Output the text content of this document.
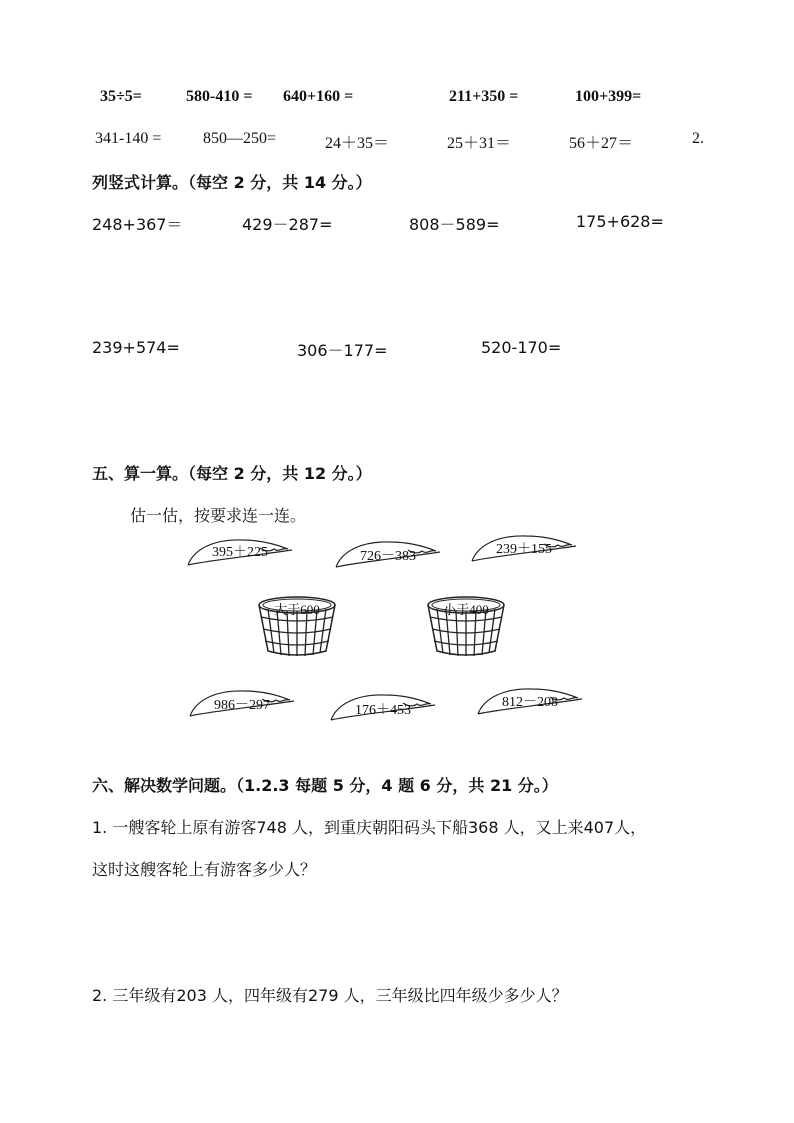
35÷5=	580-410 = 640+160 =	211+350 =	100+399=
341-140 =	850—250=	24＋35＝	25＋31＝	56＋27＝	2.
列竖式计算。（每空 2 分，共 14 分。）
248+367＝	429－287=	808－589=	175+628=
239+574=	306－177=	520-170=
五、算一算。（每空 2 分，共 12 分。）
估一估，按要求连一连。
395＋225	726－383	239＋155
大于600	小于400
986－297	176＋453
812－208
六、解决数学问题。（1.2.3 每题 5 分，4 题 6 分，共 21 分。）
1. 一艘客轮上原有游客748 人，到重庆朝阳码头下船368 人，又上来407人，
这时这艘客轮上有游客多少人？
2. 三年级有203 人，四年级有279 人，三年级比四年级少多少人？
